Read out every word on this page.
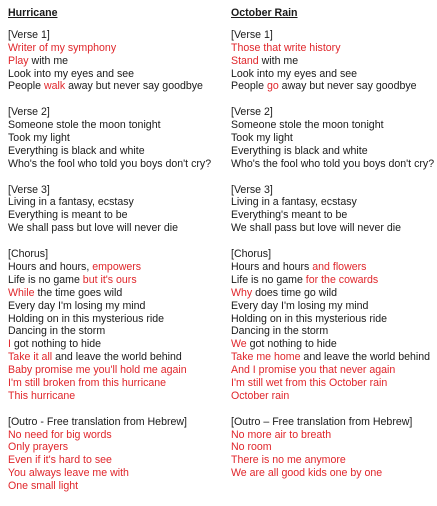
Hurricane
[Verse 1]
Writer of my symphony
Play with me
Look into my eyes and see
People walk away but never say goodbye
[Verse 2]
Someone stole the moon tonight
Took my light
Everything is black and white
Who's the fool who told you boys don't cry?
[Verse 3]
Living in a fantasy, ecstasy
Everything is meant to be
We shall pass but love will never die
[Chorus]
Hours and hours, empowers
Life is no game but it's ours
While the time goes wild
Every day I'm losing my mind
Holding on in this mysterious ride
Dancing in the storm
I got nothing to hide
Take it all and leave the world behind
Baby promise me you'll hold me again
I'm still broken from this hurricane
This hurricane
[Outro - Free translation from Hebrew]
No need for big words
Only prayers
Even if it's hard to see
You always leave me with
One small light
October Rain
[Verse 1]
Those that write history
Stand with me
Look into my eyes and see
People go away but never say goodbye
[Verse 2]
Someone stole the moon tonight
Took my light
Everything is black and white
Who's the fool who told you boys don't cry?
[Verse 3]
Living in a fantasy, ecstasy
Everything's meant to be
We shall pass but love will never die
[Chorus]
Hours and hours and flowers
Life is no game for the cowards
Why does time go wild
Every day I'm losing my mind
Holding on in this mysterious ride
Dancing in the storm
We got nothing to hide
Take me home and leave the world behind
And I promise you that never again
I'm still wet from this October rain
October rain
[Outro – Free translation from Hebrew]
No more air to breath
No room
There is no me anymore
We are all good kids one by one
